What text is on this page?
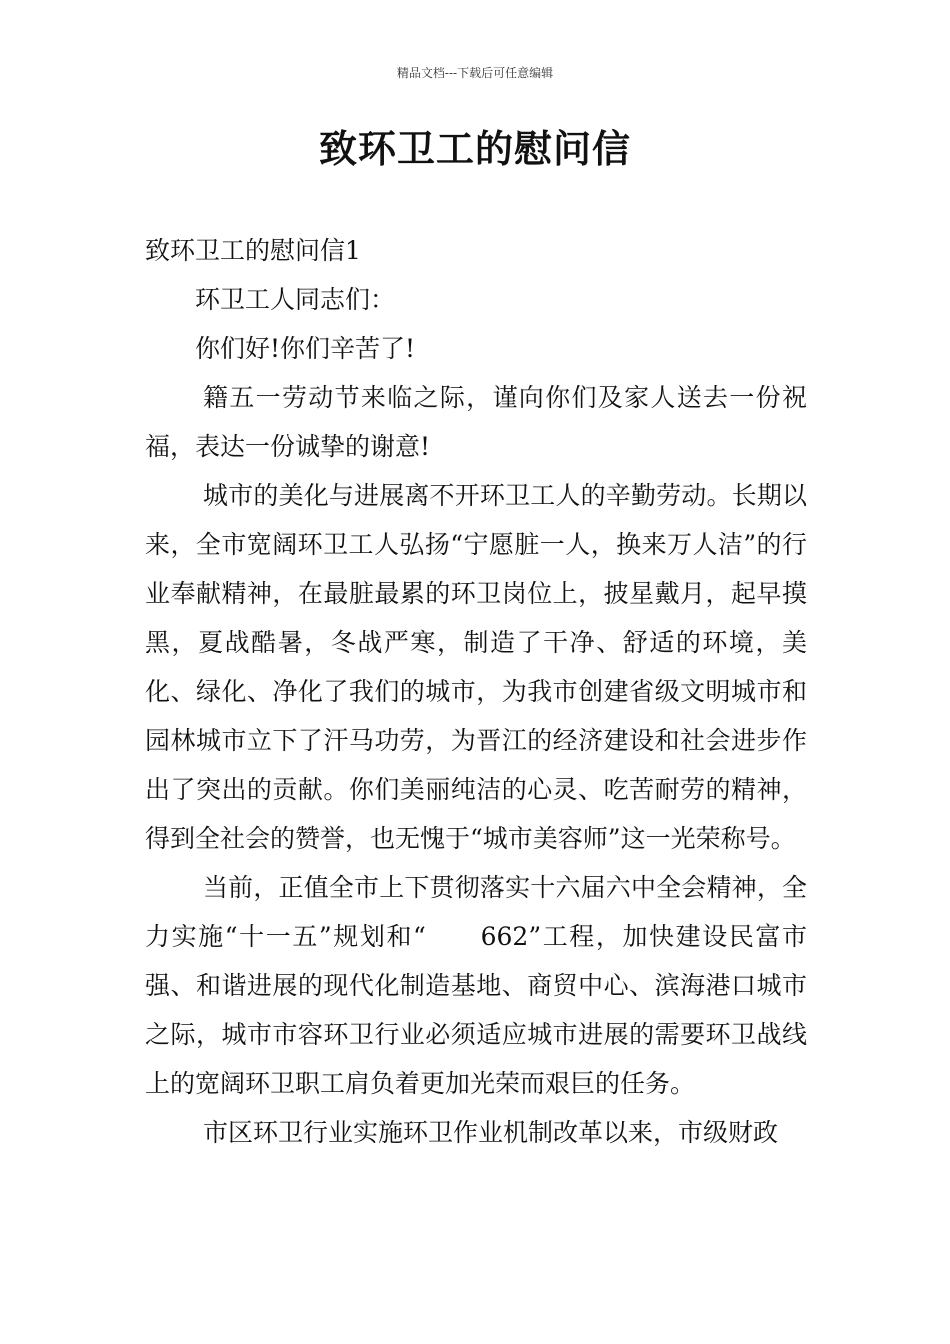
精品文档---下载后可任意编辑
致环卫工的慰问信

致环卫工的慰问信1

环卫工人同志们：

你们好!你们辛苦了!

籍五一劳动节来临之际，谨向你们及家人送去一份祝福，表达一份诚挚的谢意!

城市的美化与进展离不开环卫工人的辛勤劳动。长期以来，全市宽阔环卫工人弘扬“宁愿脏一人，换来万人洁”的行业奉献精神，在最脏最累的环卫岗位上，披星戴月，起早摸黑，夏战酷暑，冬战严寒，制造了干净、舒适的环境，美化、绿化、净化了我们的城市，为我市创建省级文明城市和园林城市立下了汗马功劳，为晋江的经济建设和社会进步作出了突出的贡献。你们美丽纯洁的心灵、吃苦耐劳的精神，得到全社会的赞誉，也无愧于“城市美容师”这一光荣称号。

当前，正值全市上下贯彻落实十六届六中全会精神，全力实施“十一五”规划和“　　662”工程，加快建设民富市强、和谐进展的现代化制造基地、商贸中心、滨海港口城市之际，城市市容环卫行业必须适应城市进展的需要环卫战线上的宽阔环卫职工肩负着更加光荣而艰巨的任务。

市区环卫行业实施环卫作业机制改革以来，市级财政
